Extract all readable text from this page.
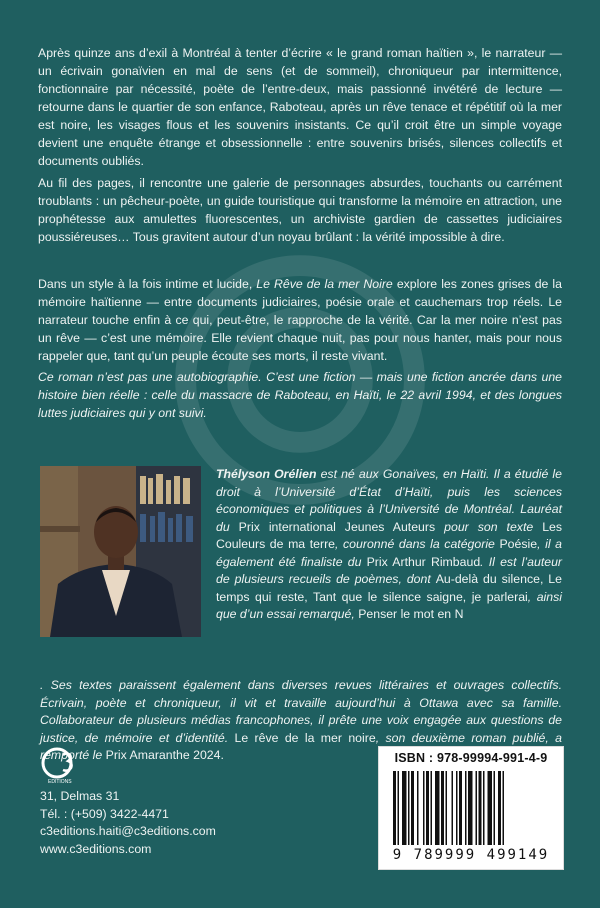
Après quinze ans d’exil à Montréal à tenter d’écrire « le grand roman haïtien », le narrateur — un écrivain gonaïvien en mal de sens (et de sommeil), chroniqueur par intermittence, fonctionnaire par nécessité, poète de l’entre-deux, mais passionné invétéré de lecture — retourne dans le quartier de son enfance, Raboteau, après un rêve tenace et répétitif où la mer est noire, les visages flous et les souvenirs insistants. Ce qu’il croit être un simple voyage devient une enquête étrange et obsessionnelle : entre souvenirs brisés, silences collectifs et documents oubliés.

Au fil des pages, il rencontre une galerie de personnages absurdes, touchants ou carrément troublants : un pêcheur-poète, un guide touristique qui transforme la mémoire en attraction, une prophétesse aux amulettes fluorescentes, un archiviste gardien de cassettes judiciaires poussiéreuses… Tous gravitent autour d’un noyau brûlant : la vérité impossible à dire.

Dans un style à la fois intime et lucide, Le Rêve de la mer Noire explore les zones grises de la mémoire haïtienne — entre documents judiciaires, poésie orale et cauchemars trop réels. Le narrateur touche enfin à ce qui, peut-être, le rapproche de la vérité. Car la mer noire n’est pas un rêve — c’est une mémoire. Elle revient chaque nuit, pas pour nous hanter, mais pour nous rappeler que, tant qu’un peuple écoute ses morts, il reste vivant.

Ce roman n’est pas une autobiographie. C’est une fiction — mais une fiction ancrée dans une histoire bien réelle : celle du massacre de Raboteau, en Haïti, le 22 avril 1994, et des longues luttes judiciaires qui y ont suivi.

Thélyson Orélien est né aux Gonaïves, en Haïti. Il a étudié le droit à l’Université d’État d’Haïti, puis les sciences économiques et politiques à l’Université de Montréal. Lauréat du Prix international Jeunes Auteurs pour son texte Les Couleurs de ma terre, couronné dans la catégorie Poésie, il a également été finaliste du Prix Arthur Rimbaud. Il est l’auteur de plusieurs recueils de poèmes, dont Au-delà du silence, Le temps qui reste, Tant que le silence saigne, je parlerai, ainsi que d’un essai remarqué, Penser le mot en N

. Ses textes paraissent également dans diverses revues littéraires et ouvrages collectifs. Écrivain, poète et chroniqueur, il vit et travaille aujourd’hui à Ottawa avec sa famille. Collaborateur de plusieurs médias francophones, il prête une voix engagée aux questions de justice, de mémoire et d’identité. Le rêve de la mer noire, son deuxième roman publié, a remporté le Prix Amaranthe 2024.

EDITIONS
31, Delmas 31
Tél. : (+509) 3422-4471
c3editions.haiti@c3editions.com
www.c3editions.com
ISBN : 978-99994-991-4-9
9 789999 499149
